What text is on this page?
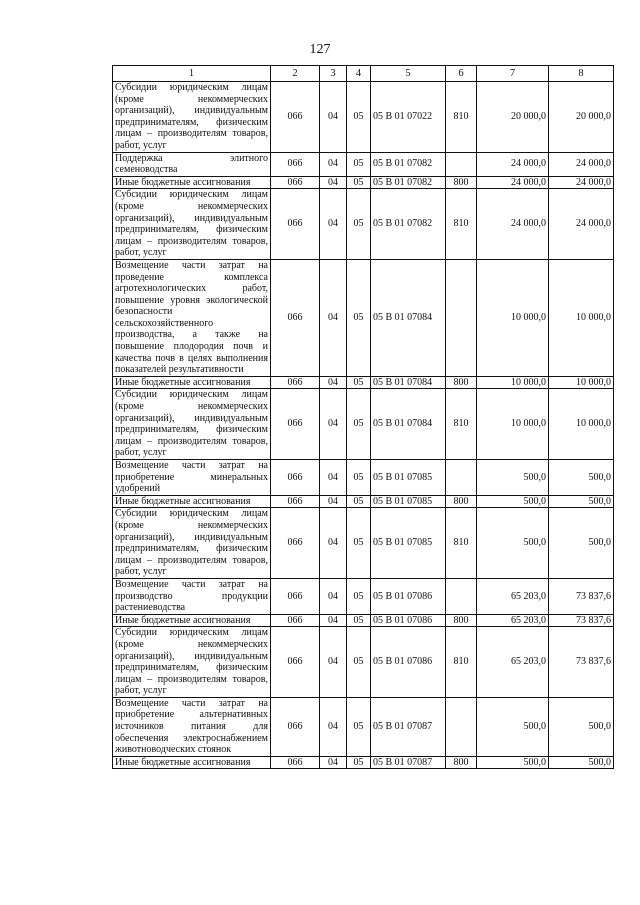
127
1	2	3	4	5	6	7	8
Субсидии юридическим лицам (кроме некоммерческих организаций), индивидуальным предпринимателям, физическим лицам – производителям товаров, работ, услуг	066	04	05	05 В 01 07022	810	20 000,0	20 000,0
Поддержка элитного семеноводства	066	04	05	05 В 01 07082		24 000,0	24 000,0
Иные бюджетные ассигнования	066	04	05	05 В 01 07082	800	24 000,0	24 000,0
Субсидии юридическим лицам (кроме некоммерческих организаций), индивидуальным предпринимателям, физическим лицам – производителям товаров, работ, услуг	066	04	05	05 В 01 07082	810	24 000,0	24 000,0
Возмещение части затрат на проведение комплекса агротехнологических работ, повышение уровня экологической безопасности сельскохозяйственного производства, а также на повышение плодородия почв и качества почв в целях выполнения показателей результативности	066	04	05	05 В 01 07084		10 000,0	10 000,0
Иные бюджетные ассигнования	066	04	05	05 В 01 07084	800	10 000,0	10 000,0
Субсидии юридическим лицам (кроме некоммерческих организаций), индивидуальным предпринимателям, физическим лицам – производителям товаров, работ, услуг	066	04	05	05 В 01 07084	810	10 000,0	10 000,0
Возмещение части затрат на приобретение минеральных удобрений	066	04	05	05 В 01 07085		500,0	500,0
Иные бюджетные ассигнования	066	04	05	05 В 01 07085	800	500,0	500,0
Субсидии юридическим лицам (кроме некоммерческих организаций), индивидуальным предпринимателям, физическим лицам – производителям товаров, работ, услуг	066	04	05	05 В 01 07085	810	500,0	500,0
Возмещение части затрат на производство продукции растениеводства	066	04	05	05 В 01 07086		65 203,0	73 837,6
Иные бюджетные ассигнования	066	04	05	05 В 01 07086	800	65 203,0	73 837,6
Субсидии юридическим лицам (кроме некоммерческих организаций), индивидуальным предпринимателям, физическим лицам – производителям товаров, работ, услуг	066	04	05	05 В 01 07086	810	65 203,0	73 837,6
Возмещение части затрат на приобретение альтернативных источников питания для обеспечения электроснабжением животноводческих стоянок	066	04	05	05 В 01 07087		500,0	500,0
Иные бюджетные ассигнования	066	04	05	05 В 01 07087	800	500,0	500,0
